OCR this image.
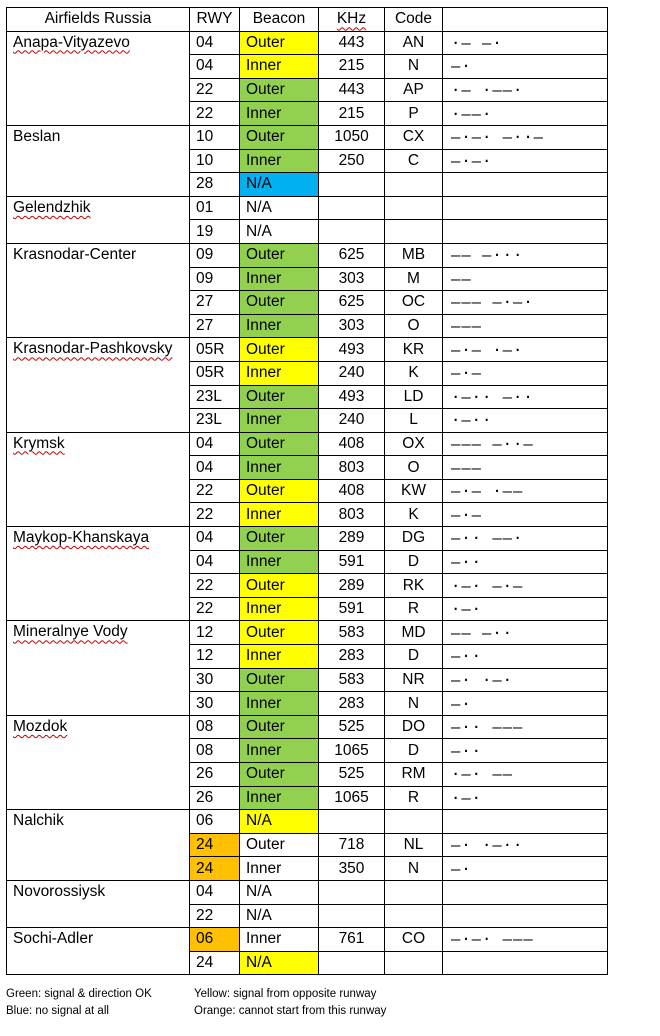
Airfields Russia	RWY	Beacon	KHz	Code	
Anapa-Vityazevo	04	Outer	443	AN	·– –·
	04	Inner	215	N	–·
	22	Outer	443	AP	·– ·––·
	22	Inner	215	P	·––·
Beslan	10	Outer	1050	CX	–·–· –··–
	10	Inner	250	C	–·–·
	28	N/A			
Gelendzhik	01	N/A			
	19	N/A			
Krasnodar-Center	09	Outer	625	MB	–– –···
	09	Inner	303	M	––
	27	Outer	625	OC	––– –·–·
	27	Inner	303	O	–––
Krasnodar-Pashkovsky	05R	Outer	493	KR	–·– ·–·
	05R	Inner	240	K	–·–
	23L	Outer	493	LD	·–·· –··
	23L	Inner	240	L	·–··
Krymsk	04	Outer	408	OX	––– –··–
	04	Inner	803	O	–––
	22	Outer	408	KW	–·– ·––
	22	Inner	803	K	–·–
Maykop-Khanskaya	04	Outer	289	DG	–·· ––·
	04	Inner	591	D	–··
	22	Outer	289	RK	·–· –·–
	22	Inner	591	R	·–·
Mineralnye Vody	12	Outer	583	MD	–– –··
	12	Inner	283	D	–··
	30	Outer	583	NR	–· ·–·
	30	Inner	283	N	–·
Mozdok	08	Outer	525	DO	–·· –––
	08	Inner	1065	D	–··
	26	Outer	525	RM	·–· ––
	26	Inner	1065	R	·–·
Nalchik	06	N/A			
	24	Outer	718	NL	–· ·–··
	24	Inner	350	N	–·
Novorossiysk	04	N/A			
	22	N/A			
Sochi-Adler	06	Inner	761	CO	–·–· –––
	24	N/A			
Green: signal & direction OK	Yellow: signal from opposite runway
Blue: no signal at all	Orange: cannot start from this runway
